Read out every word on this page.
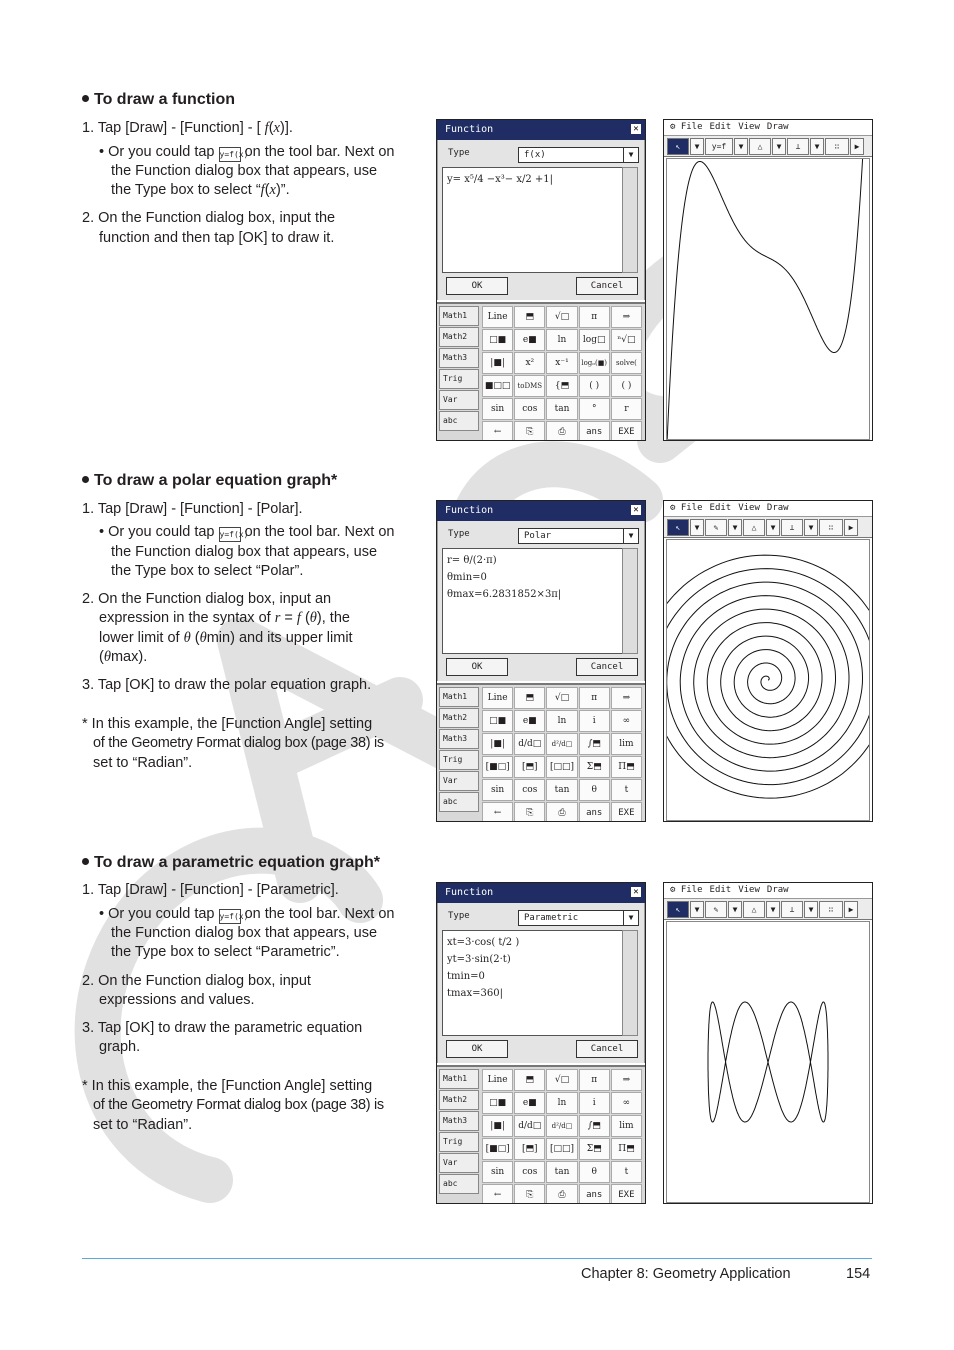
To draw a function
1. Tap [Draw] - [Function] - [ f(x)].
• Or you could tap y=f(x) on the tool bar. Next on
the Function dialog box that appears, use
the Type box to select “f(x)”.
2. On the Function dialog box, input the
function and then tap [OK] to draw it.
To draw a polar equation graph*
1. Tap [Draw] - [Function] - [Polar].
• Or you could tap y=f(x) on the tool bar. Next on
the Function dialog box that appears, use
the Type box to select “Polar”.
2. On the Function dialog box, input an
expression in the syntax of r = f (θ), the
lower limit of θ (θmin) and its upper limit
(θmax).
3. Tap [OK] to draw the polar equation graph.
* In this example, the [Function Angle] setting
of the Geometry Format dialog box (page 38) is
set to “Radian”.
To draw a parametric equation graph*
1. Tap [Draw] - [Function] - [Parametric].
• Or you could tap y=f(x) on the tool bar. Next on
the Function dialog box that appears, use
the Type box to select “Parametric”.
2. On the Function dialog box, input
expressions and values.
3. Tap [OK] to draw the parametric equation
graph.
* In this example, the [Function Angle] setting
of the Geometry Format dialog box (page 38) is
set to “Radian”.
Function	✕
Type	f(x)	▼
y= x⁵/4 −x³− x/2 +1|
OK	Cancel
Math1
Math2
Math3
Trig
Var
abc
Line	⬒	√□	π	⇒
□■	e■	ln	log□	ⁿ√□
|■|	x²	x⁻¹	logₒ(■)	solve(
■□□	toDMS	{⬒	( )	( )
sin	cos	tan	°	r
←	⎘	⎙	ans	EXE
⚙ File Edit View Draw
↖	▼	y=f	▼	△	▼	⊥	▼	∷	▶
Function	✕
Type	Polar	▼
r= θ/(2·π)
θmin=0
θmax=6.2831852×3π|
OK	Cancel
Math1
Math2
Math3
Trig
Var
abc
Line	⬒	√□	π	⇒
□■	e■	ln	i	∞
|■|	d/d□	d²/d□	∫⬒	lim
[■□]	[⬒]	[□□]	Σ⬒	Π⬒
sin	cos	tan	θ	t
←	⎘	⎙	ans	EXE
⚙ File Edit View Draw
↖	▼	✎	▼	△	▼	⊥	▼	∷	▶
Function	✕
Type	Parametric	▼
xt=3·cos( t/2 )
yt=3·sin(2·t)
tmin=0
tmax=360|
OK	Cancel
Math1
Math2
Math3
Trig
Var
abc
Line	⬒	√□	π	⇒
□■	e■	ln	i	∞
|■|	d/d□	d²/d□	∫⬒	lim
[■□]	[⬒]	[□□]	Σ⬒	Π⬒
sin	cos	tan	θ	t
←	⎘	⎙	ans	EXE
⚙ File Edit View Draw
↖	▼	✎	▼	△	▼	⊥	▼	∷	▶
Chapter 8: Geometry Application	154
